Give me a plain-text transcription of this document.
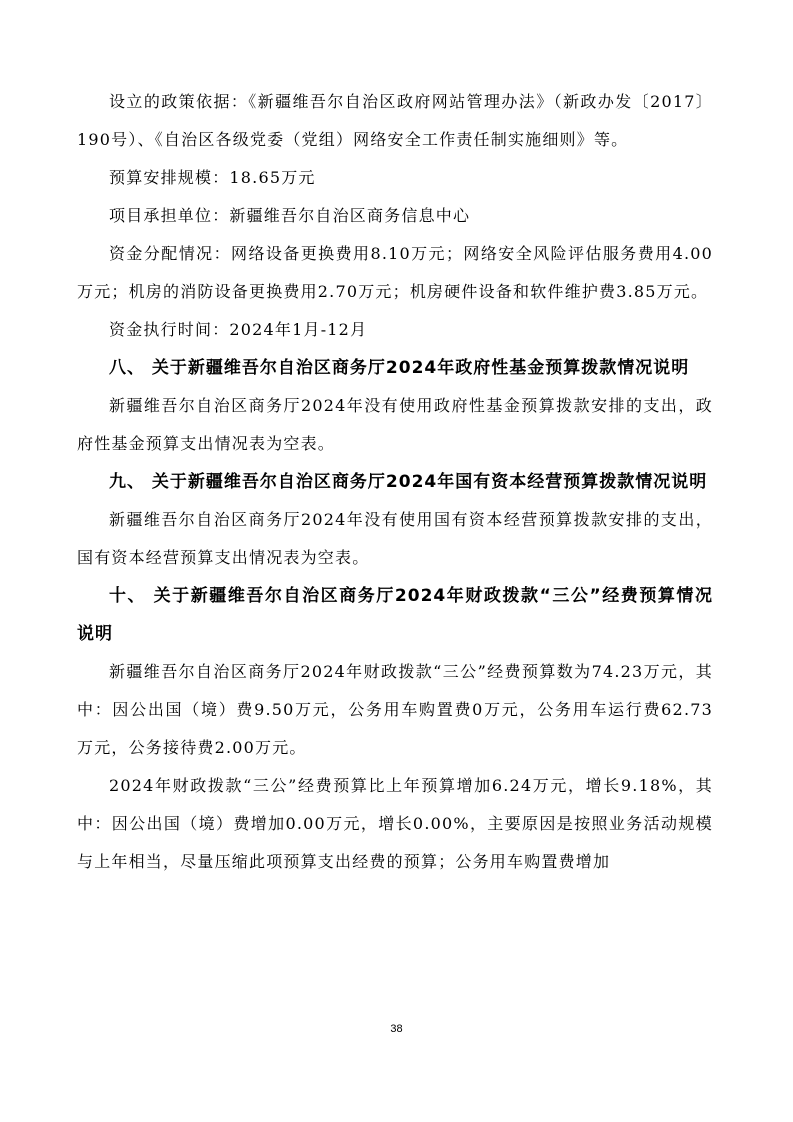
设立的政策依据：《新疆维吾尔自治区政府网站管理办法》（新政办发〔2017〕190号）、《自治区各级党委（党组）网络安全工作责任制实施细则》等。

预算安排规模：18.65万元

项目承担单位：新疆维吾尔自治区商务信息中心

资金分配情况：网络设备更换费用8.10万元；网络安全风险评估服务费用4.00万元；机房的消防设备更换费用2.70万元；机房硬件设备和软件维护费3.85万元。

资金执行时间：2024年1月-12月

八、 关于新疆维吾尔自治区商务厅2024年政府性基金预算拨款情况说明

新疆维吾尔自治区商务厅2024年没有使用政府性基金预算拨款安排的支出，政府性基金预算支出情况表为空表。

九、 关于新疆维吾尔自治区商务厅2024年国有资本经营预算拨款情况说明

新疆维吾尔自治区商务厅2024年没有使用国有资本经营预算拨款安排的支出，国有资本经营预算支出情况表为空表。

十、 关于新疆维吾尔自治区商务厅2024年财政拨款“三公”经费预算情况说明

新疆维吾尔自治区商务厅2024年财政拨款“三公”经费预算数为74.23万元，其中：因公出国（境）费9.50万元，公务用车购置费0万元，公务用车运行费62.73万元，公务接待费2.00万元。

2024年财政拨款“三公”经费预算比上年预算增加6.24万元，增长9.18%，其中：因公出国（境）费增加0.00万元，增长0.00%，主要原因是按照业务活动规模与上年相当，尽量压缩此项预算支出经费的预算；公务用车购置费增加

38
